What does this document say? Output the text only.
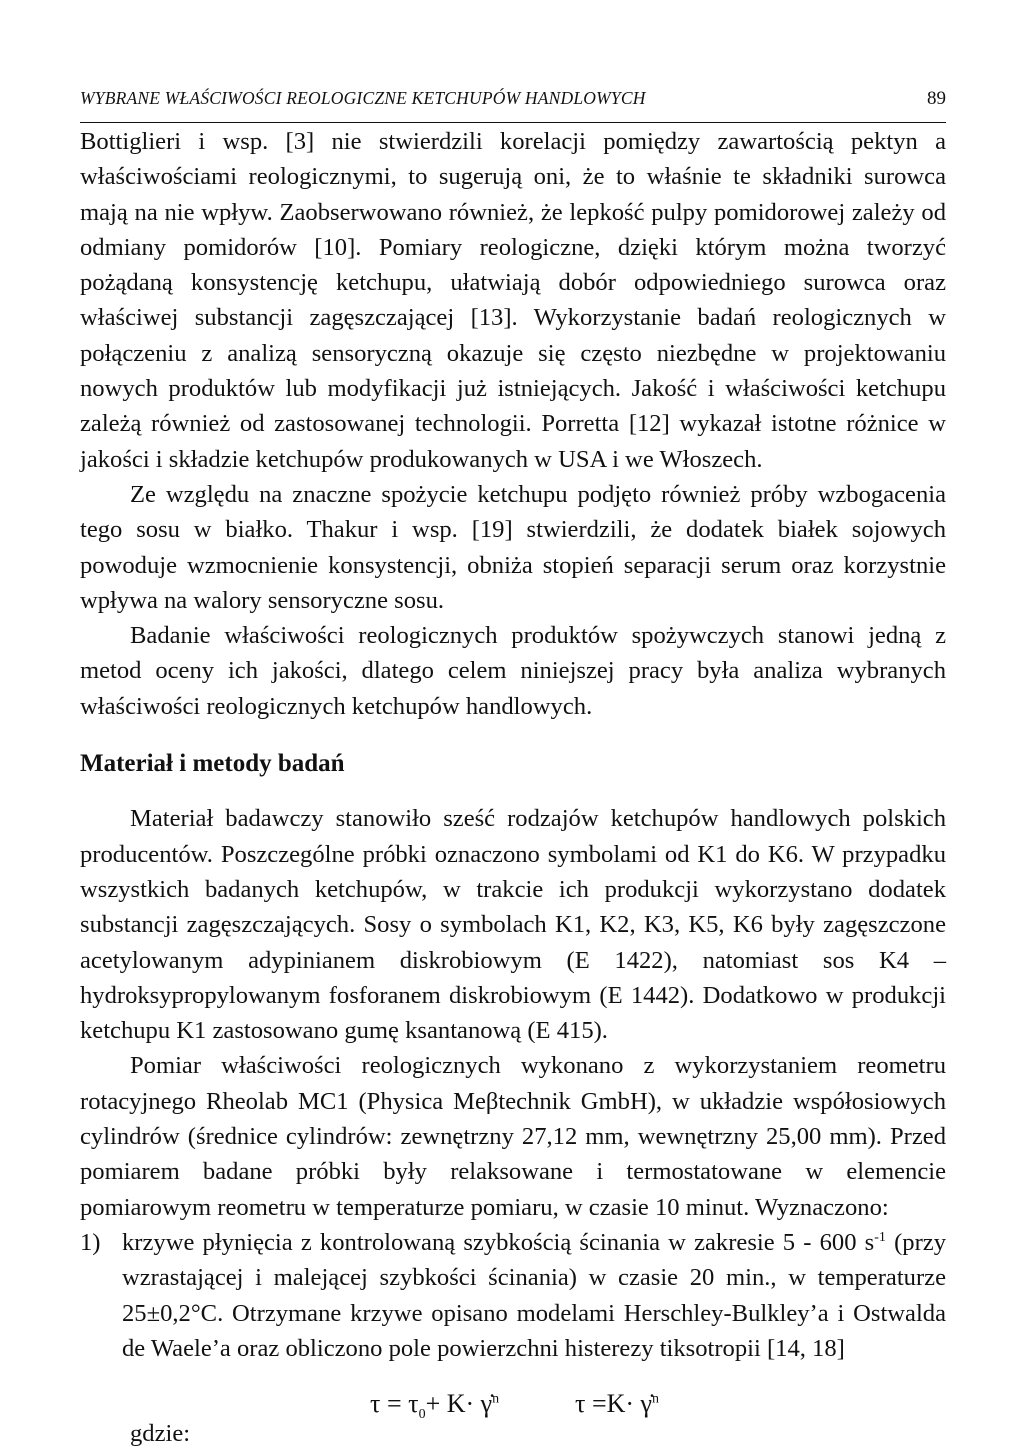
WYBRANE WŁAŚCIWOŚCI REOLOGICZNE KETCHUPÓW HANDLOWYCH	89

Bottiglieri i wsp. [3] nie stwierdzili korelacji pomiędzy zawartością pektyn a właściwościami reologicznymi, to sugerują oni, że to właśnie te składniki surowca mają na nie wpływ. Zaobserwowano również, że lepkość pulpy pomidorowej zależy od odmiany pomidorów [10]. Pomiary reologiczne, dzięki którym można tworzyć pożądaną konsystencję ketchupu, ułatwiają dobór odpowiedniego surowca oraz właściwej substancji zagęszczającej [13]. Wykorzystanie badań reologicznych w połączeniu z analizą sensoryczną okazuje się często niezbędne w projektowaniu nowych produktów lub modyfikacji już istniejących. Jakość i właściwości ketchupu zależą również od zastosowanej technologii. Porretta [12] wykazał istotne różnice w jakości i składzie ketchupów produkowanych w USA i we Włoszech.

Ze względu na znaczne spożycie ketchupu podjęto również próby wzbogacenia tego sosu w białko. Thakur i wsp. [19] stwierdzili, że dodatek białek sojowych powoduje wzmocnienie konsystencji, obniża stopień separacji serum oraz korzystnie wpływa na walory sensoryczne sosu.

Badanie właściwości reologicznych produktów spożywczych stanowi jedną z metod oceny ich jakości, dlatego celem niniejszej pracy była analiza wybranych właściwości reologicznych ketchupów handlowych.

Materiał i metody badań

Materiał badawczy stanowiło sześć rodzajów ketchupów handlowych polskich producentów. Poszczególne próbki oznaczono symbolami od K1 do K6. W przypadku wszystkich badanych ketchupów, w trakcie ich produkcji wykorzystano dodatek substancji zagęszczających. Sosy o symbolach K1, K2, K3, K5, K6 były zagęszczone acetylowanym adypinianem diskrobiowym (E 1422), natomiast sos K4 – hydroksypropylowanym fosforanem diskrobiowym (E 1442). Dodatkowo w produkcji ketchupu K1 zastosowano gumę ksantanową (E 415).

Pomiar właściwości reologicznych wykonano z wykorzystaniem reometru rotacyjnego Rheolab MC1 (Physica Meβtechnik GmbH), w układzie współosiowych cylindrów (średnice cylindrów: zewnętrzny 27,12 mm, wewnętrzny 25,00 mm). Przed pomiarem badane próbki były relaksowane i termostatowane w elemencie pomiarowym reometru w temperaturze pomiaru, w czasie 10 minut. Wyznaczono:

1) krzywe płynięcia z kontrolowaną szybkością ścinania w zakresie 5 - 600 $s^{-1}$ (przy wzrastającej i malejącej szybkości ścinania) w czasie 20 min., w temperaturze 25±0,2°C. Otrzymane krzywe opisano modelami Herschley-Bulkley’a i Ostwalda de Waele’a oraz obliczono pole powierzchni histerezy tiksotropii [14, 18]

$\tau = \tau_0+ K\cdot$ γ̇$^n$	τ =K· γ̇$^n$
gdzie:
